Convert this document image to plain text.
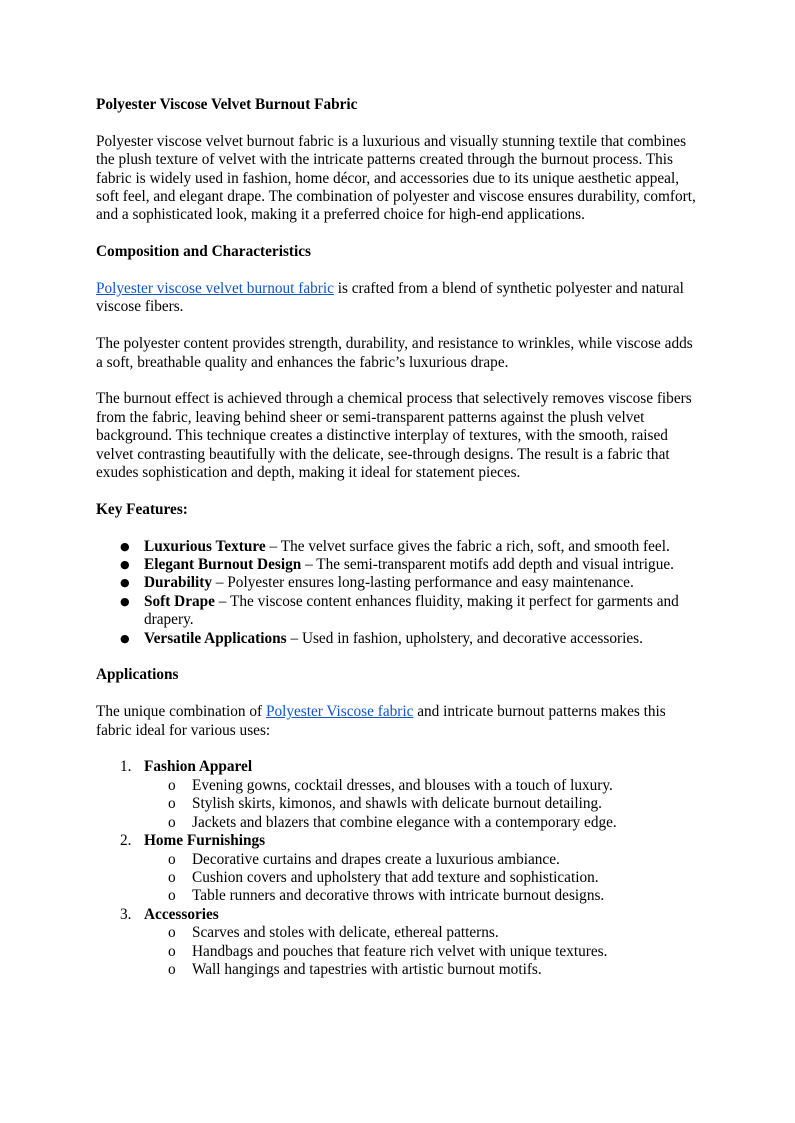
Polyester Viscose Velvet Burnout Fabric

Polyester viscose velvet burnout fabric is a luxurious and visually stunning textile that combines the plush texture of velvet with the intricate patterns created through the burnout process. This fabric is widely used in fashion, home décor, and accessories due to its unique aesthetic appeal, soft feel, and elegant drape. The combination of polyester and viscose ensures durability, comfort, and a sophisticated look, making it a preferred choice for high-end applications.

Composition and Characteristics

Polyester viscose velvet burnout fabric is crafted from a blend of synthetic polyester and natural viscose fibers.

The polyester content provides strength, durability, and resistance to wrinkles, while viscose adds a soft, breathable quality and enhances the fabric’s luxurious drape.

The burnout effect is achieved through a chemical process that selectively removes viscose fibers from the fabric, leaving behind sheer or semi-transparent patterns against the plush velvet background. This technique creates a distinctive interplay of textures, with the smooth, raised velvet contrasting beautifully with the delicate, see-through designs. The result is a fabric that exudes sophistication and depth, making it ideal for statement pieces.

Key Features:
● Luxurious Texture – The velvet surface gives the fabric a rich, soft, and smooth feel.
● Elegant Burnout Design – The semi-transparent motifs add depth and visual intrigue.
● Durability – Polyester ensures long-lasting performance and easy maintenance.
● Soft Drape – The viscose content enhances fluidity, making it perfect for garments and drapery.
● Versatile Applications – Used in fashion, upholstery, and decorative accessories.
Applications

The unique combination of Polyester Viscose fabric and intricate burnout patterns makes this fabric ideal for various uses:

1. Fashion Apparel
o Evening gowns, cocktail dresses, and blouses with a touch of luxury.
o Stylish skirts, kimonos, and shawls with delicate burnout detailing.
o Jackets and blazers that combine elegance with a contemporary edge.
2. Home Furnishings
o Decorative curtains and drapes create a luxurious ambiance.
o Cushion covers and upholstery that add texture and sophistication.
o Table runners and decorative throws with intricate burnout designs.
3. Accessories
o Scarves and stoles with delicate, ethereal patterns.
o Handbags and pouches that feature rich velvet with unique textures.
o Wall hangings and tapestries with artistic burnout motifs.
